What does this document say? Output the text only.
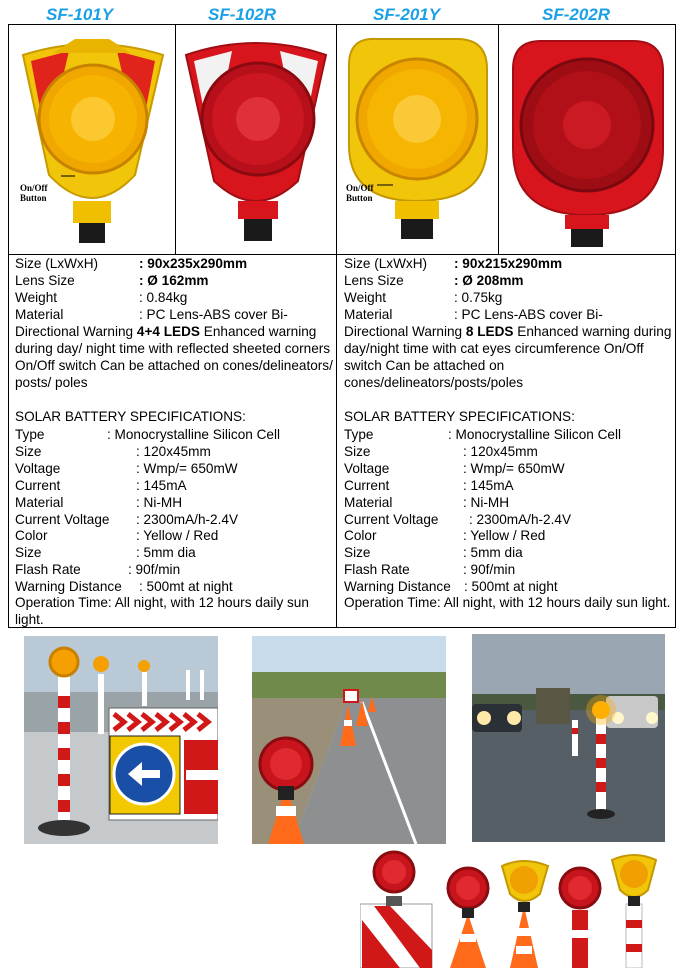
SF-101Y	SF-102R	SF-201Y	SF-202R
On/Off
Button
On/Off
Button
Size (LxWxH)	: 90x235x290mm
Lens Size	: Ø 162mm
Weight	: 0.84kg
Material	: PC Lens-ABS cover Bi-
Directional Warning 4+4 LEDS Enhanced warning during day/ night time with reflected sheeted corners On/Off switch Can be attached on cones/delineators/ posts/ poles
SOLAR BATTERY SPECIFICATIONS:
Type	: Monocrystalline Silicon Cell
Size	: 120x45mm
Voltage	: Wmp/= 650mW
Current	: 145mA
Material	: Ni-MH
Current Voltage : 2300mA/h-2.4V
Color	: Yellow / Red
Size	: 5mm dia
Flash Rate	: 90f/min
Warning Distance : 500mt at night
Operation Time: All night, with 12 hours daily sun light.
Size (LxWxH) : 90x215x290mm
Lens Size	: Ø 208mm
Weight	: 0.75kg
Material	: PC Lens-ABS cover Bi-
Directional Warning 8 LEDS Enhanced warning during day/night time with cat eyes circumference On/Off switch Can be attached on cones/delineators/posts/poles
SOLAR BATTERY SPECIFICATIONS:
Type	: Monocrystalline Silicon Cell
Size	: 120x45mm
Voltage	: Wmp/= 650mW
Current	: 145mA
Material	: Ni-MH
Current Voltage : 2300mA/h-2.4V
Color	: Yellow / Red
Size	: 5mm dia
Flash Rate	: 90f/min
Warning Distance : 500mt at night
Operation Time: All night, with 12 hours daily sun light.
